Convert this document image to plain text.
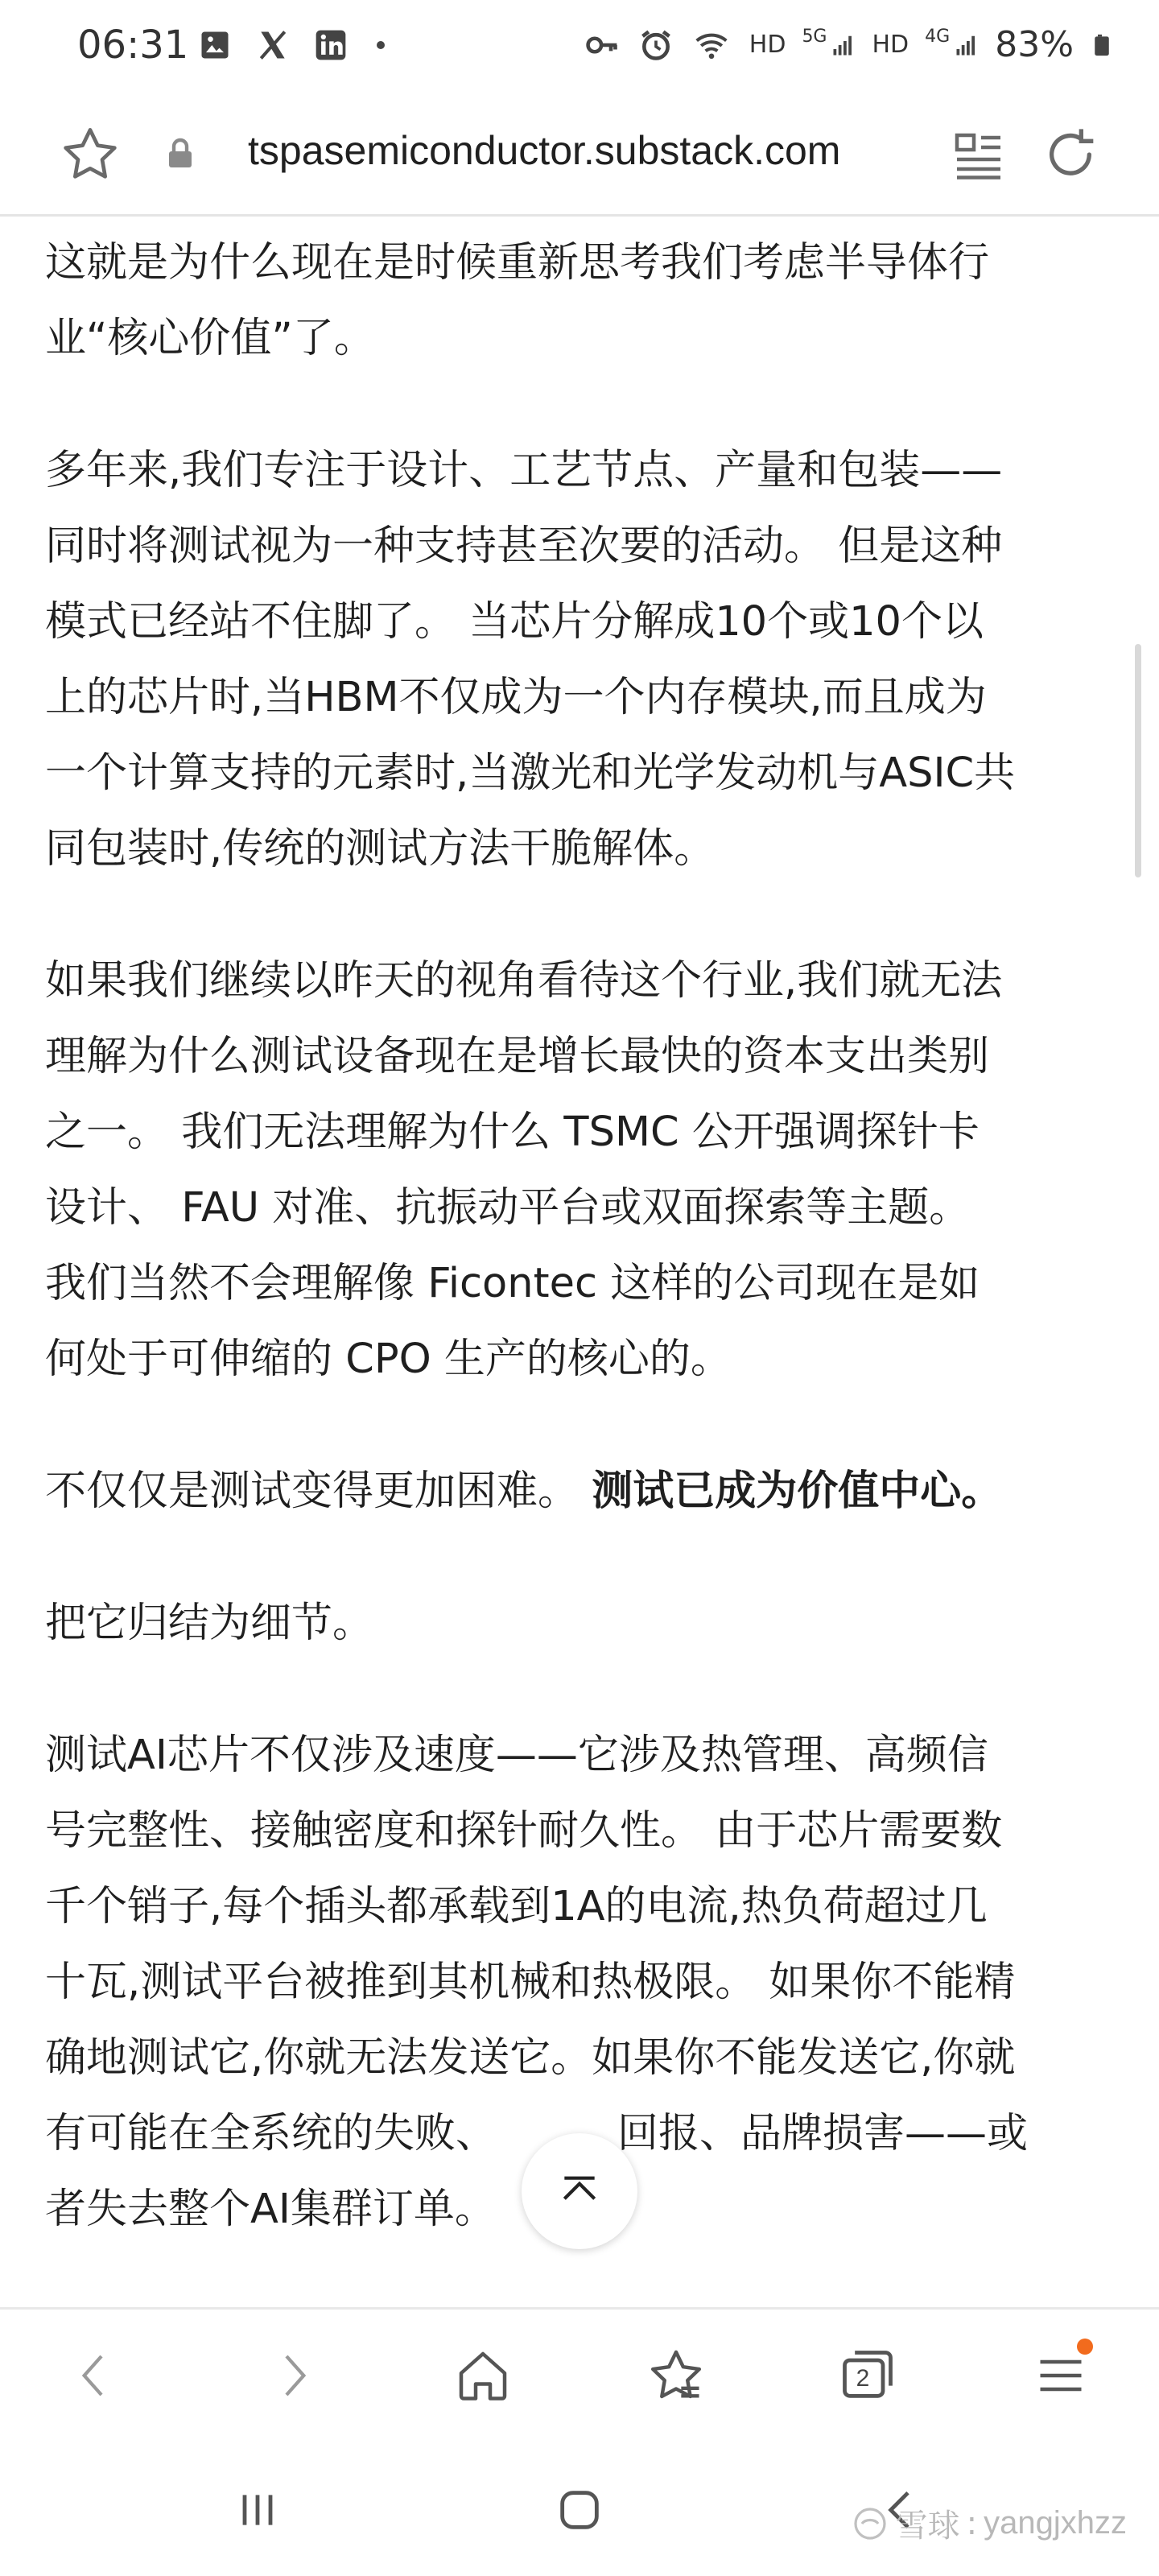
06:31	HD 5G HD 4G 83%
tspasemiconductor.substack.com

这就是为什么现在是时候重新思考我们考虑半导体行

业“核心价值”了。

多年来,我们专注于设计、工艺节点、产量和包装——

同时将测试视为一种支持甚至次要的活动。 但是这种

模式已经站不住脚了。 当芯片分解成10个或10个以

上的芯片时,当HBM不仅成为一个内存模块,而且成为

一个计算支持的元素时,当激光和光学发动机与ASIC共

同包装时,传统的测试方法干脆解体。

如果我们继续以昨天的视角看待这个行业,我们就无法

理解为什么测试设备现在是增长最快的资本支出类别

之一。 我们无法理解为什么 TSMC 公开强调探针卡

设计、 FAU 对准、抗振动平台或双面探索等主题。

我们当然不会理解像 Ficontec 这样的公司现在是如

何处于可伸缩的 CPO 生产的核心的。

不仅仅是测试变得更加困难。 测试已成为价值中心。

把它归结为细节。

测试AI芯片不仅涉及速度——它涉及热管理、高频信

号完整性、接触密度和探针耐久性。 由于芯片需要数

千个销子,每个插头都承载到1A的电流,热负荷超过几

十瓦,测试平台被推到其机械和热极限。 如果你不能精

确地测试它,你就无法发送它。如果你不能发送它,你就

有可能在全系统的失败、	回报、品牌损害——或

者失去整个AI集群订单。

2
雪球 : yangjxhzz
